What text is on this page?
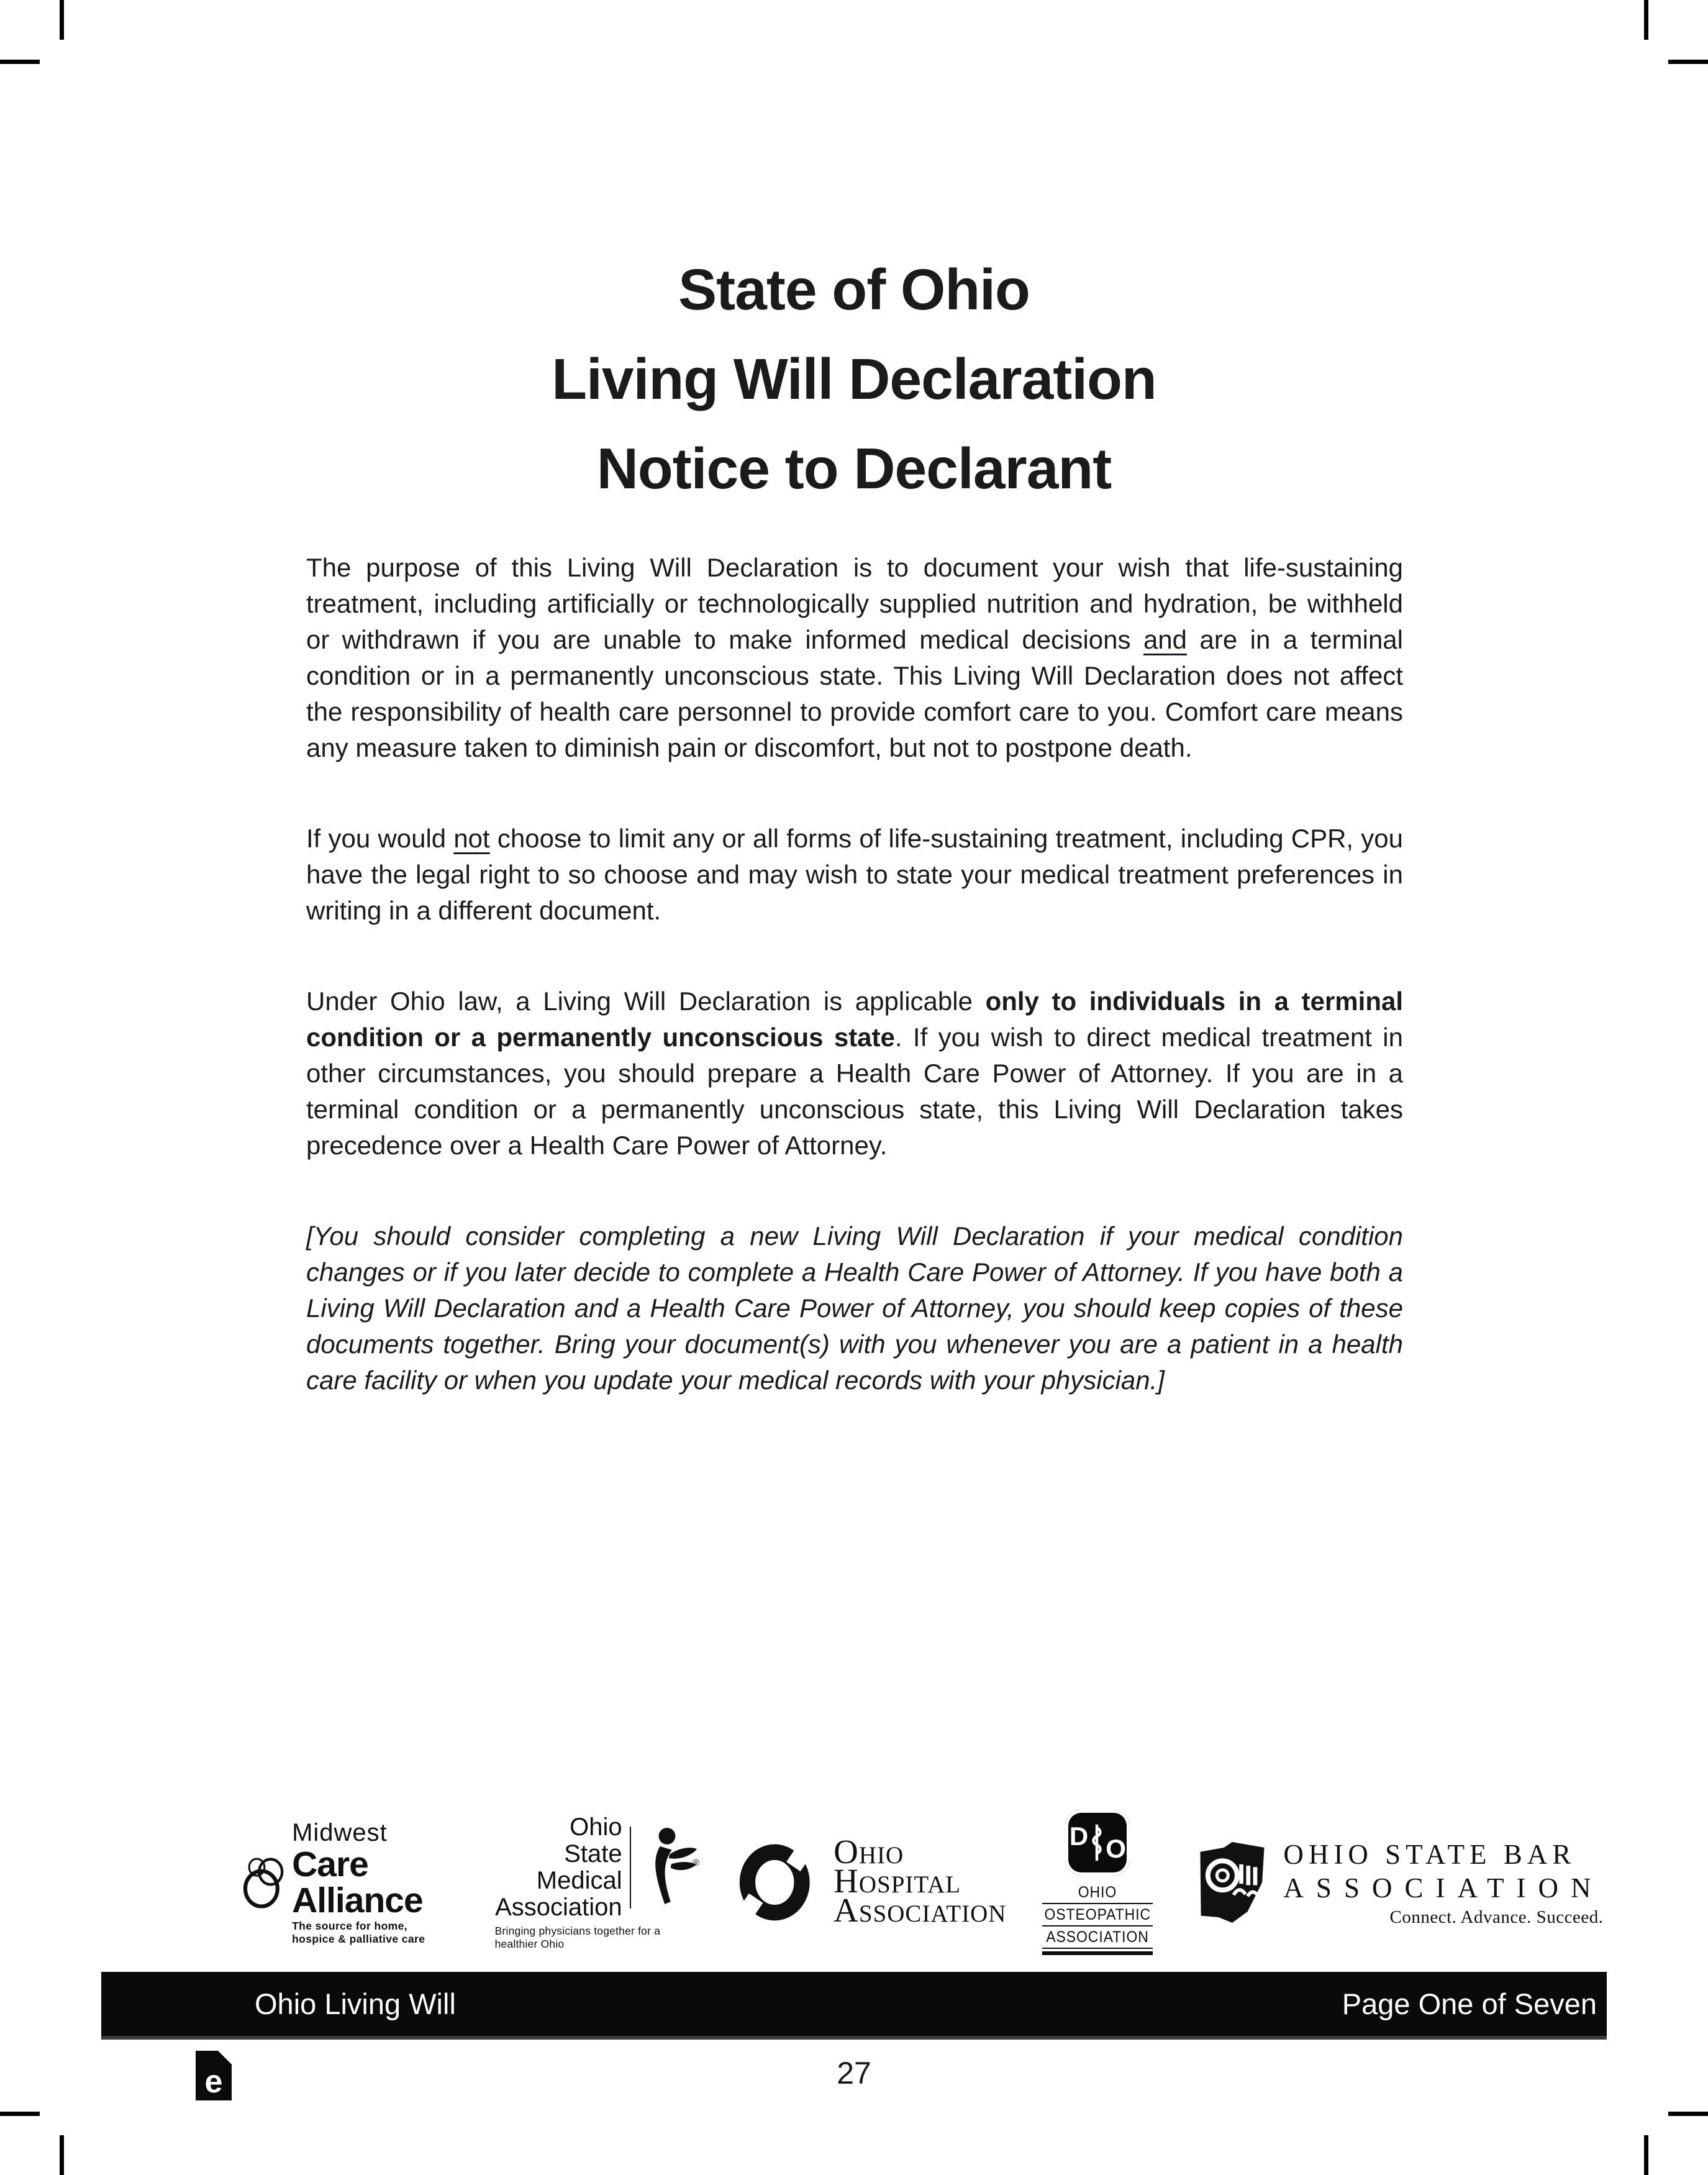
State of Ohio
Living Will Declaration
Notice to Declarant

The purpose of this Living Will Declaration is to document your wish that life-sustaining treatment, including artificially or technologically supplied nutrition and hydration, be withheld or withdrawn if you are unable to make informed medical decisions and are in a terminal condition or in a permanently unconscious state. This Living Will Declaration does not affect the responsibility of health care personnel to provide comfort care to you. Comfort care means any measure taken to diminish pain or discomfort, but not to postpone death.

If you would not choose to limit any or all forms of life-sustaining treatment, including CPR, you have the legal right to so choose and may wish to state your medical treatment preferences in writing in a different document.

Under Ohio law, a Living Will Declaration is applicable only to individuals in a terminal condition or a permanently unconscious state. If you wish to direct medical treatment in other circumstances, you should prepare a Health Care Power of Attorney. If you are in a terminal condition or a permanently unconscious state, this Living Will Declaration takes precedence over a Health Care Power of Attorney.

[You should consider completing a new Living Will Declaration if your medical condition changes or if you later decide to complete a Health Care Power of Attorney. If you have both a Living Will Declaration and a Health Care Power of Attorney, you should keep copies of these documents together. Bring your document(s) with you whenever you are a patient in a health care facility or when you update your medical records with your physician.]

Midwest
Care Alliance
The source for home, hospice & palliative care
Ohio
State Medical
Association
®
Bringing physicians together for a healthier Ohio
OHIO
HOSPITAL
ASSOCIATION
D O
OHIO
OSTEOPATHIC
ASSOCIATION
OHIO STATE BAR
ASSOCIATION
Connect. Advance. Succeed.
Ohio Living Will	Page One of Seven
e	27
